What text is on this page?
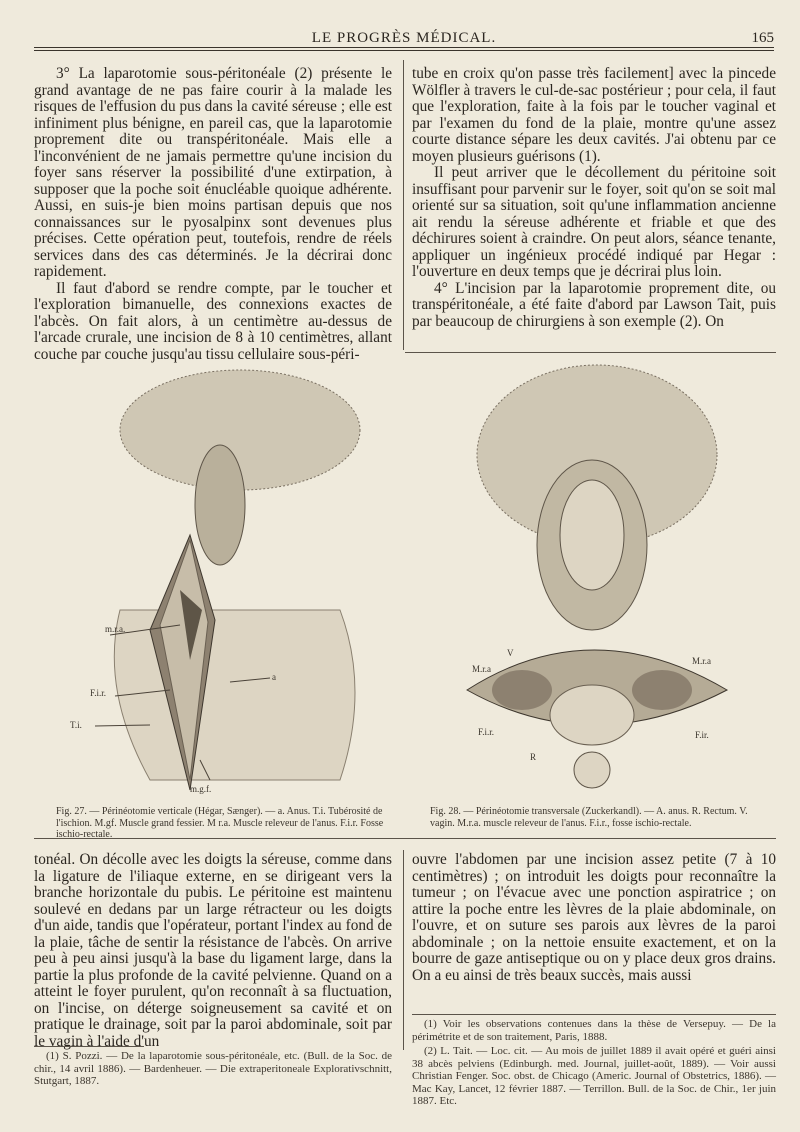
LE PROGRÈS MÉDICAL.	165

3° La laparotomie sous-péritonéale (2) présente le grand avantage de ne pas faire courir à la malade les risques de l'effusion du pus dans la cavité séreuse ; elle est infiniment plus bénigne, en pareil cas, que la laparotomie proprement dite ou transpéritonéale. Mais elle a l'inconvénient de ne jamais permettre qu'une incision du foyer sans réserver la possibilité d'une extirpation, à supposer que la poche soit énucléable quoique adhérente. Aussi, en suis-je bien moins partisan depuis que nos connaissances sur le pyosalpinx sont devenues plus précises. Cette opération peut, toutefois, rendre de réels services dans des cas déterminés. Je la décrirai donc rapidement.

Il faut d'abord se rendre compte, par le toucher et l'exploration bimanuelle, des connexions exactes de l'abcès. On fait alors, à un centimètre au-dessus de l'arcade crurale, une incision de 8 à 10 centimètres, allant couche par couche jusqu'au tissu cellulaire sous-péri-

tube en croix qu'on passe très facilement] avec la pincede Wölfler à travers le cul-de-sac postérieur ; pour cela, il faut que l'exploration, faite à la fois par le toucher vaginal et par l'examen du fond de la plaie, montre qu'une assez courte distance sépare les deux cavités. J'ai obtenu par ce moyen plusieurs guérisons (1).

Il peut arriver que le décollement du péritoine soit insuffisant pour parvenir sur le foyer, soit qu'on se soit mal orienté sur sa situation, soit qu'une inflammation ancienne ait rendu la séreuse adhérente et friable et que des déchirures soient à craindre. On peut alors, séance tenante, appliquer un ingénieux procédé indiqué par Hegar : l'ouverture en deux temps que je décrirai plus loin.

4° L'incision par la laparotomie proprement dite, ou transpéritonéale, a été faite d'abord par Lawson Tait, puis par beaucoup de chirurgiens à son exemple (2). On

m.r.a.
a
F.i.r.
T.i.
m.g.f.
Fig. 27. — Périnéotomie verticale (Hégar, Sænger). — a. Anus. T.i. Tubérosité de l'ischion. M.gf. Muscle grand fessier. M r.a. Muscle releveur de l'anus. F.i.r. Fosse ischio-rectale.
V
M.r.a
M.r.a
F.i.r.	F.ir.
R
Fig. 28. — Périnéotomie transversale (Zuckerkandl). — A. anus. R. Rectum. V. vagin. M.r.a. muscle releveur de l'anus. F.i.r., fosse ischio-rectale.

tonéal. On décolle avec les doigts la séreuse, comme dans la ligature de l'iliaque externe, en se dirigeant vers la branche horizontale du pubis. Le péritoine est maintenu soulevé en dedans par un large rétracteur ou les doigts d'un aide, tandis que l'opérateur, portant l'index au fond de la plaie, tâche de sentir la résistance de l'abcès. On arrive peu à peu ainsi jusqu'à la base du ligament large, dans la partie la plus profonde de la cavité pelvienne. Quand on a atteint le foyer purulent, qu'on reconnaît à sa fluctuation, on l'incise, on déterge soigneusement sa cavité et on pratique le drainage, soit par la paroi abdominale, soit par le vagin à l'aide d'un

ouvre l'abdomen par une incision assez petite (7 à 10 centimètres) ; on introduit les doigts pour reconnaître la tumeur ; on l'évacue avec une ponction aspiratrice ; on attire la poche entre les lèvres de la plaie abdominale, on l'ouvre, et on suture ses parois aux lèvres de la paroi abdominale ; on la nettoie ensuite exactement, et on la bourre de gaze antiseptique ou on y place deux gros drains. On a eu ainsi de très beaux succès, mais aussi

(1) S. Pozzi. — De la laparotomie sous-péritonéale, etc. (Bull. de la Soc. de chir., 14 avril 1886). — Bardenheuer. — Die extraperitoneale Explorativschnitt, Stutgart, 1887.

(1) Voir les observations contenues dans la thèse de Versepuy. — De la périmétrite et de son traitement, Paris, 1888.

(2) L. Tait. — Loc. cit. — Au mois de juillet 1889 il avait opéré et guéri ainsi 38 abcès pelviens (Edinburgh. med. Journal, juillet-août, 1889). — Voir aussi Christian Fenger. Soc. obst. de Chicago (Americ. Journal of Obstetrics, 1886). — Mac Kay, Lancet, 12 février 1887. — Terrillon. Bull. de la Soc. de Chir., 1er juin 1887. Etc.
